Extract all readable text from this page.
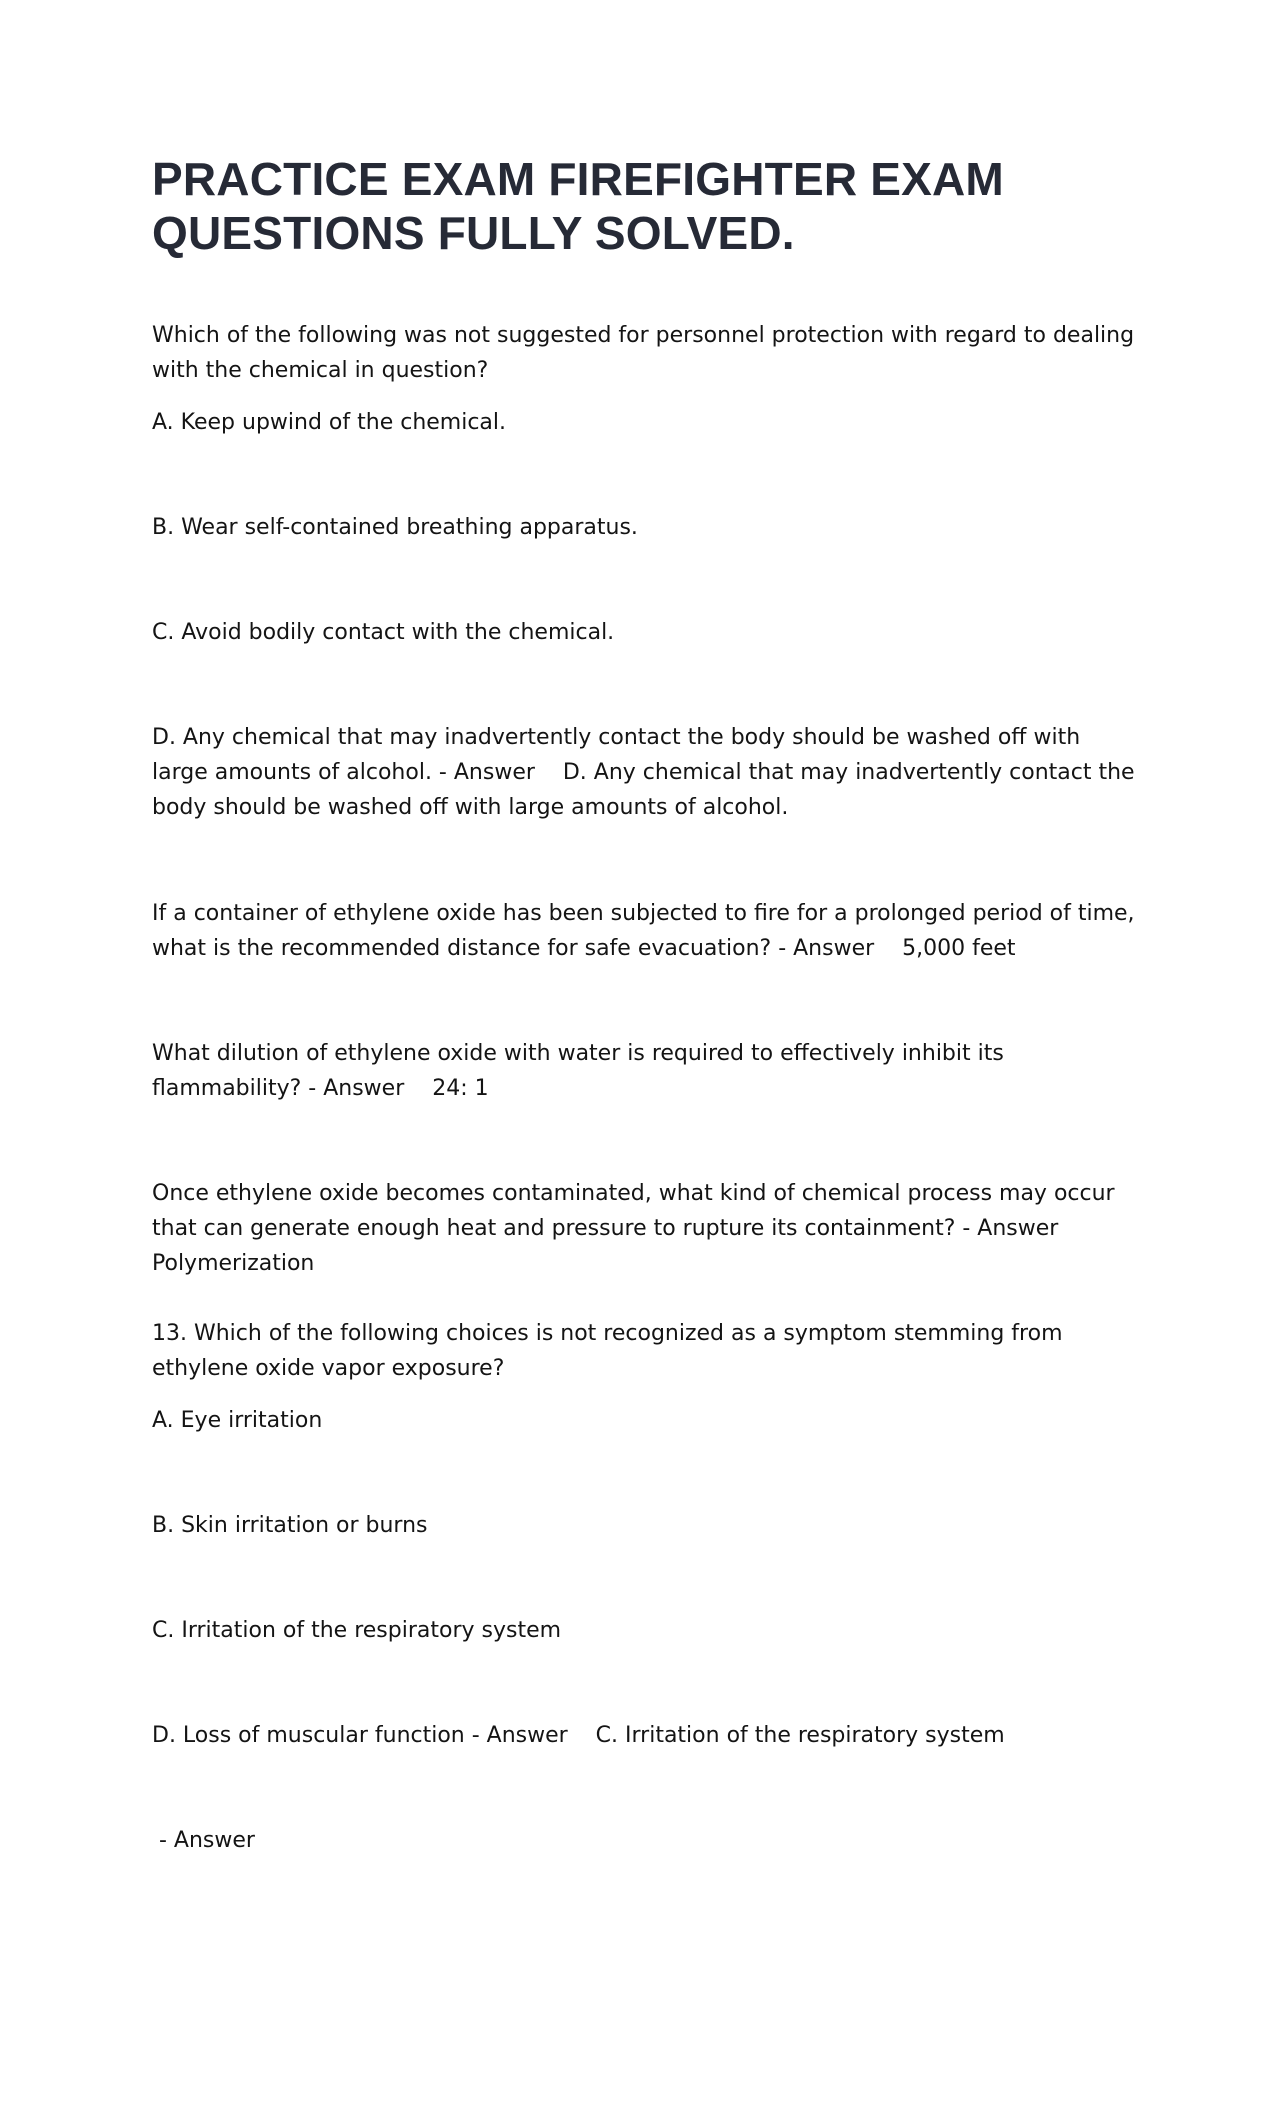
PRACTICE EXAM FIREFIGHTER EXAM QUESTIONS FULLY SOLVED.

Which of the following was not suggested for personnel protection with regard to dealing with the chemical in question?

A. Keep upwind of the chemical.

B. Wear self-contained breathing apparatus.

C. Avoid bodily contact with the chemical.

D. Any chemical that may inadvertently contact the body should be washed off with large amounts of alcohol. - Answer    D. Any chemical that may inadvertently contact the body should be washed off with large amounts of alcohol.

If a container of ethylene oxide has been subjected to fire for a prolonged period of time, what is the recommended distance for safe evacuation? - Answer    5,000 feet

What dilution of ethylene oxide with water is required to effectively inhibit its flammability? - Answer    24: 1

Once ethylene oxide becomes contaminated, what kind of chemical process may occur that can generate enough heat and pressure to rupture its containment? - Answer    Polymerization

13. Which of the following choices is not recognized as a symptom stemming from ethylene oxide vapor exposure?

A. Eye irritation

B. Skin irritation or burns

C. Irritation of the respiratory system

D. Loss of muscular function - Answer    C. Irritation of the respiratory system

- Answer
